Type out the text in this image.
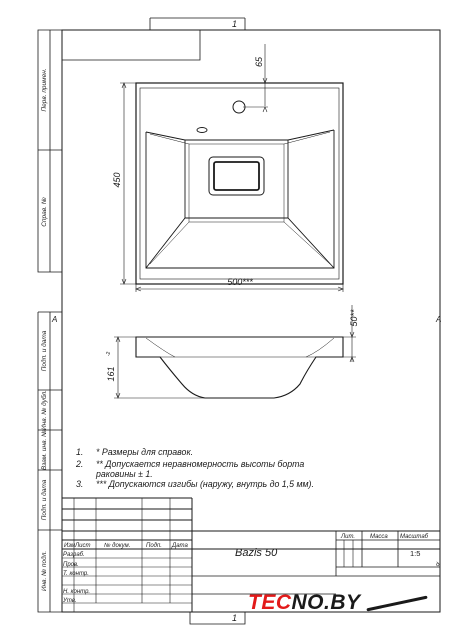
1
1
А	А
Перв. примен.
Справ. №
Подп. и дата
Инв. № дубл.
Взам. инв. №
Подп. и дата
Инв. № подл.
65
450
500***
50**
161
-2
1. * Размеры для справок.
2. ** Допускается неравномерность высоты борта
раковины ± 1.
3. *** Допускаются изгибы (наружу, внутрь до 1,5 мм).
Изм Лист № докум.	Подп. Дата
Разраб.
Пров.
Т. контр.
Н. контр.
Утв.
Bazis 50
Лит. Масса Масштаб
1:5
ꝺ
TECNO.BY
